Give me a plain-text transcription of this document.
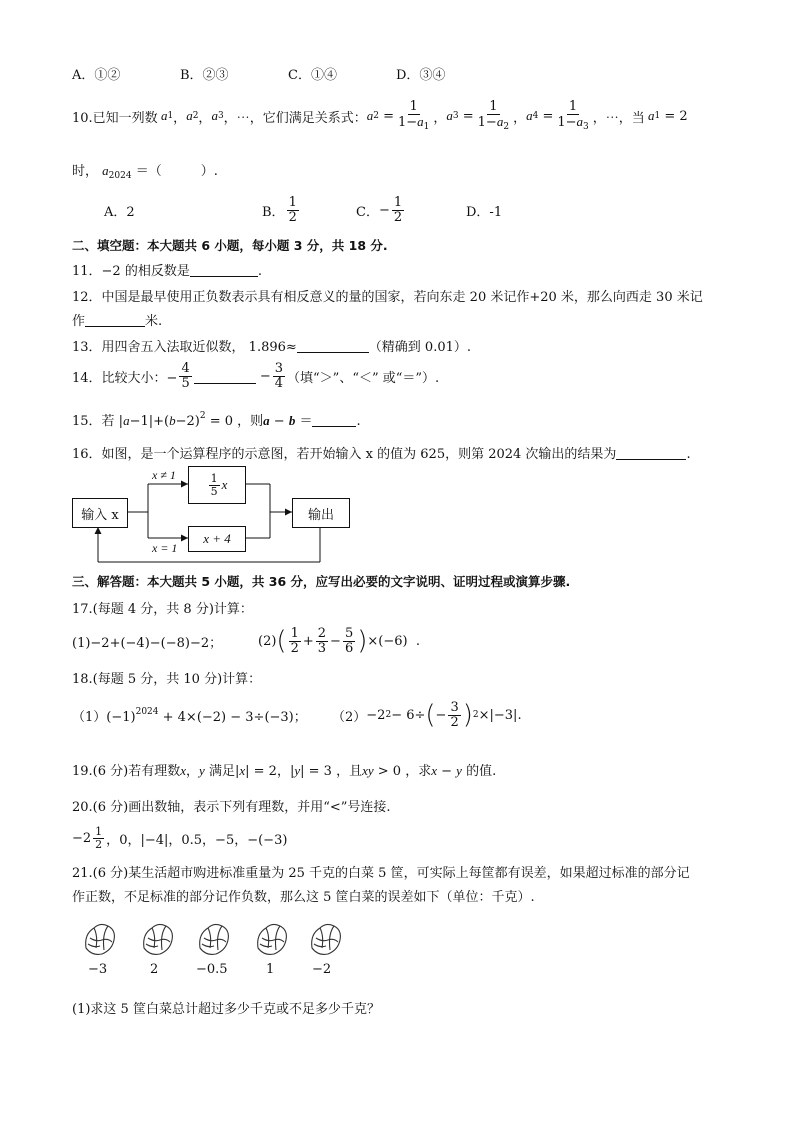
A．①②	B．②③	C．①④	D．③④
10.已知一列数 a 1 ， a 2 ， a 3 ，⋯ ，它们满足关系式： a $2 = \frac{1}{1-a_1}$ ， a $3 = \frac{1}{1-a_2}$ ， a $4 = \frac{1}{1-a_3}$ ，⋯，当 a 1 = 2
时， $a_{2024}$ ＝（　　　）.
A．2	B． $\frac{1}{2}$	C． − $\frac{1}{2}$	D．-1
二、填空题：本大题共 6 小题，每小题 3 分，共 18 分.
11．−2 的相反数是	.
12．中国是最早使用正负数表示具有相反意义的量的国家，若向东走 20 米记作+20 米，那么向西走 30 米记
作	米.
13．用四舍五入法取近似数， 1.896≈	（精确到 0.01）.
14．比较大小：− $\frac{4}{5}$	− $\frac{3}{4}$ （填“＞”、“＜” 或“＝”）.
15．若 $|a-1|+(b-2)^2 = 0$ ，则a − b ＝	.
16．如图，是一个运算程序的示意图，若开始输入 x 的值为 625，则第 2024 次输出的结果为	.
输入 x
$\frac{1}{5}$ x
x + 4
输出
x ≠ 1
x = 1
三、解答题：本大题共 5 小题，共 36 分，应写出必要的文字说明、证明过程或演算步骤.
17.(每题 4 分，共 8 分)计算：
(1)−2+(−4)−(−8)−2；	(2) ( $\frac{1}{2} + \frac{2}{3} - \frac{5}{6}$ ) ×(−6)  .
18.(每题 5 分，共 10 分)计算：
$(1)(-1)^{2024} + 4\times(-2) - 3\div(-3)$； （2） −2 2 − 6÷ ( − $\frac{3}{2}$ ) 2 ×|−3|.
19.(6 分)若有理数x，y 满足|x| = 2，|y| = 3 ，且xy > 0 ，求x − y 的值.
20.(6 分)画出数轴，表示下列有理数，并用“<”号连接.
$-2 \frac{1}{2}$ ， 0，|−4|，0.5，−5，−(−3)
21.(6 分)某生活超市购进标准重量为 25 千克的白菜 5 筐，可实际上每筐都有误差，如果超过标准的部分记
作正数，不足标准的部分记作负数，那么这 5 筐白菜的误差如下（单位：千克）.
−3	2	−0.5	1	−2
(1)求这 5 筐白菜总计超过多少千克或不足多少千克？
